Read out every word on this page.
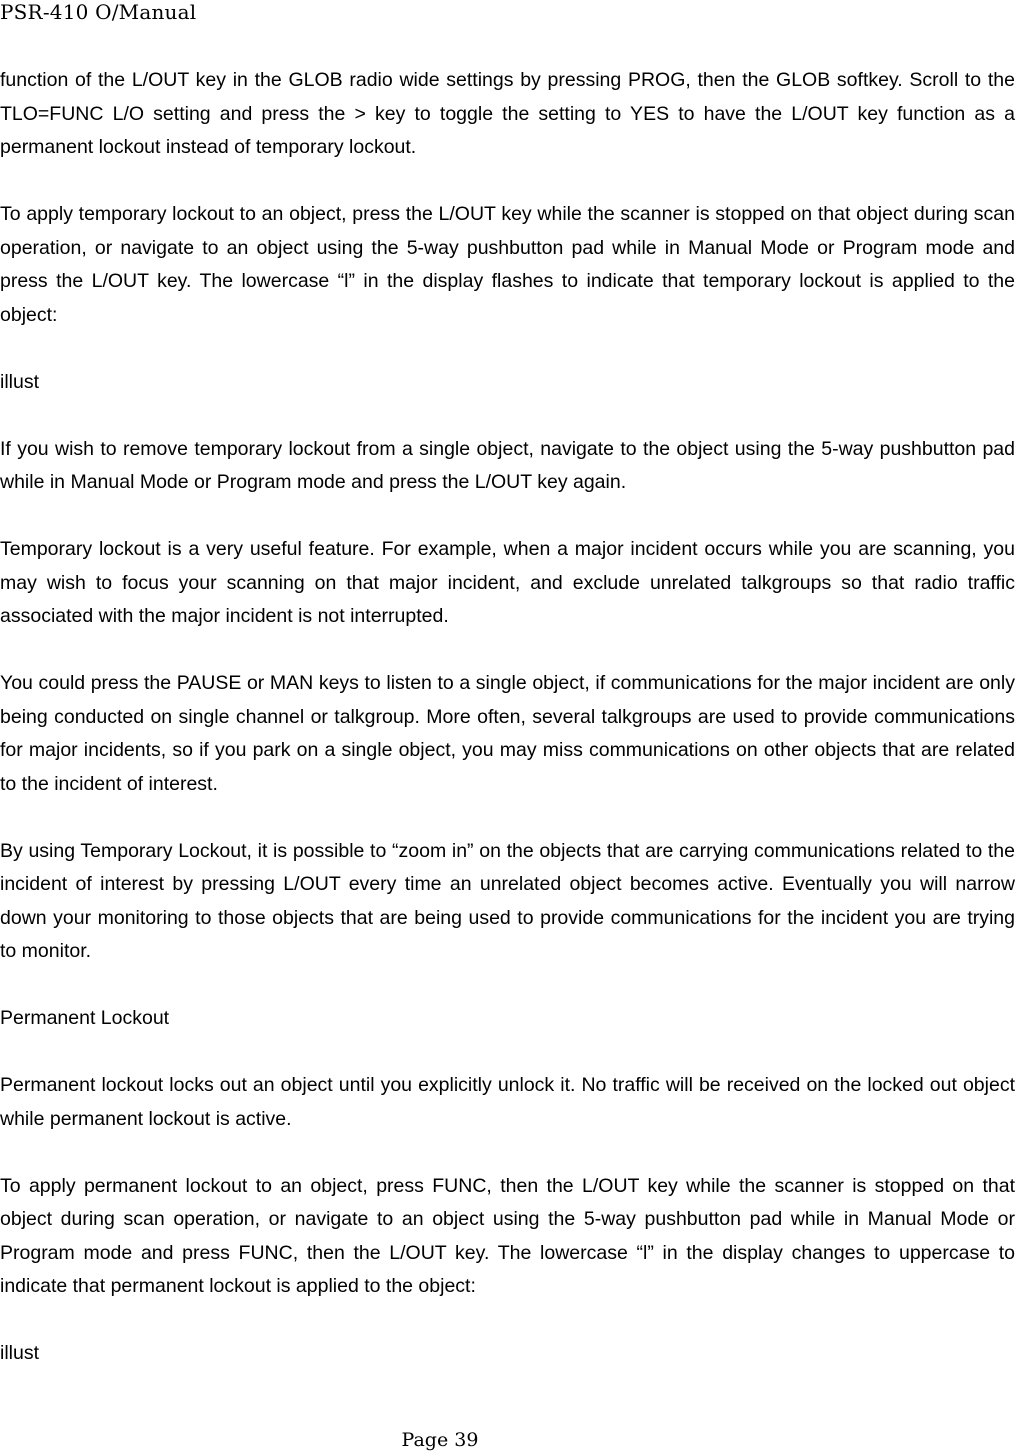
PSR-410 O/Manual

function of the L/OUT key in the GLOB radio wide settings by pressing PROG, then the GLOB softkey. Scroll to the TLO=FUNC L/O setting and press the > key to toggle the setting to YES to have the L/OUT key function as a permanent lockout instead of temporary lockout.

To apply temporary lockout to an object, press the L/OUT key while the scanner is stopped on that object during scan operation, or navigate to an object using the 5-way pushbutton pad while in Manual Mode or Program mode and press the L/OUT key. The lowercase “l” in the display flashes to indicate that temporary lockout is applied to the object:

illust

If you wish to remove temporary lockout from a single object, navigate to the object using the 5-way pushbutton pad while in Manual Mode or Program mode and press the L/OUT key again.

Temporary lockout is a very useful feature. For example, when a major incident occurs while you are scanning, you may wish to focus your scanning on that major incident, and exclude unrelated talkgroups so that radio traffic associated with the major incident is not interrupted.

You could press the PAUSE or MAN keys to listen to a single object, if communications for the major incident are only being conducted on single channel or talkgroup. More often, several talkgroups are used to provide communications for major incidents, so if you park on a single object, you may miss communications on other objects that are related to the incident of interest.

By using Temporary Lockout, it is possible to “zoom in” on the objects that are carrying communications related to the incident of interest by pressing L/OUT every time an unrelated object becomes active. Eventually you will narrow down your monitoring to those objects that are being used to provide communications for the incident you are trying to monitor.

Permanent Lockout

Permanent lockout locks out an object until you explicitly unlock it. No traffic will be received on the locked out object while permanent lockout is active.

To apply permanent lockout to an object, press FUNC, then the L/OUT key while the scanner is stopped on that object during scan operation, or navigate to an object using the 5-way pushbutton pad while in Manual Mode or Program mode and press FUNC, then the L/OUT key. The lowercase “l” in the display changes to uppercase to indicate that permanent lockout is applied to the object:

illust

Page 39
